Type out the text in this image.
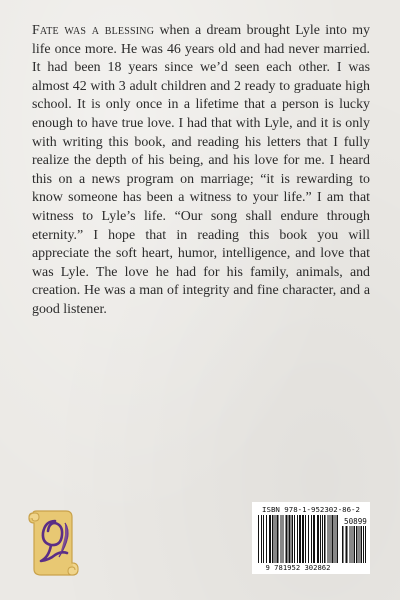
Fate was a blessing when a dream brought Lyle into my life once more. He was 46 years old and had never married. It had been 18 years since we’d seen each other. I was almost 42 with 3 adult children and 2 ready to graduate high school. It is only once in a lifetime that a person is lucky enough to have true love. I had that with Lyle, and it is only with writing this book, and reading his letters that I fully realize the depth of his being, and his love for me. I heard this on a news program on marriage; “it is rewarding to know someone has been a witness to your life.” I am that witness to Lyle’s life. “Our song shall endure through eternity.” I hope that in reading this book you will appreciate the soft heart, humor, intelligence, and love that was Lyle. The love he had for his family, animals, and creation. He was a man of integrity and fine character, and a good listener.

ISBN 978-1-952302-86-2
50899
9 781952 302862
